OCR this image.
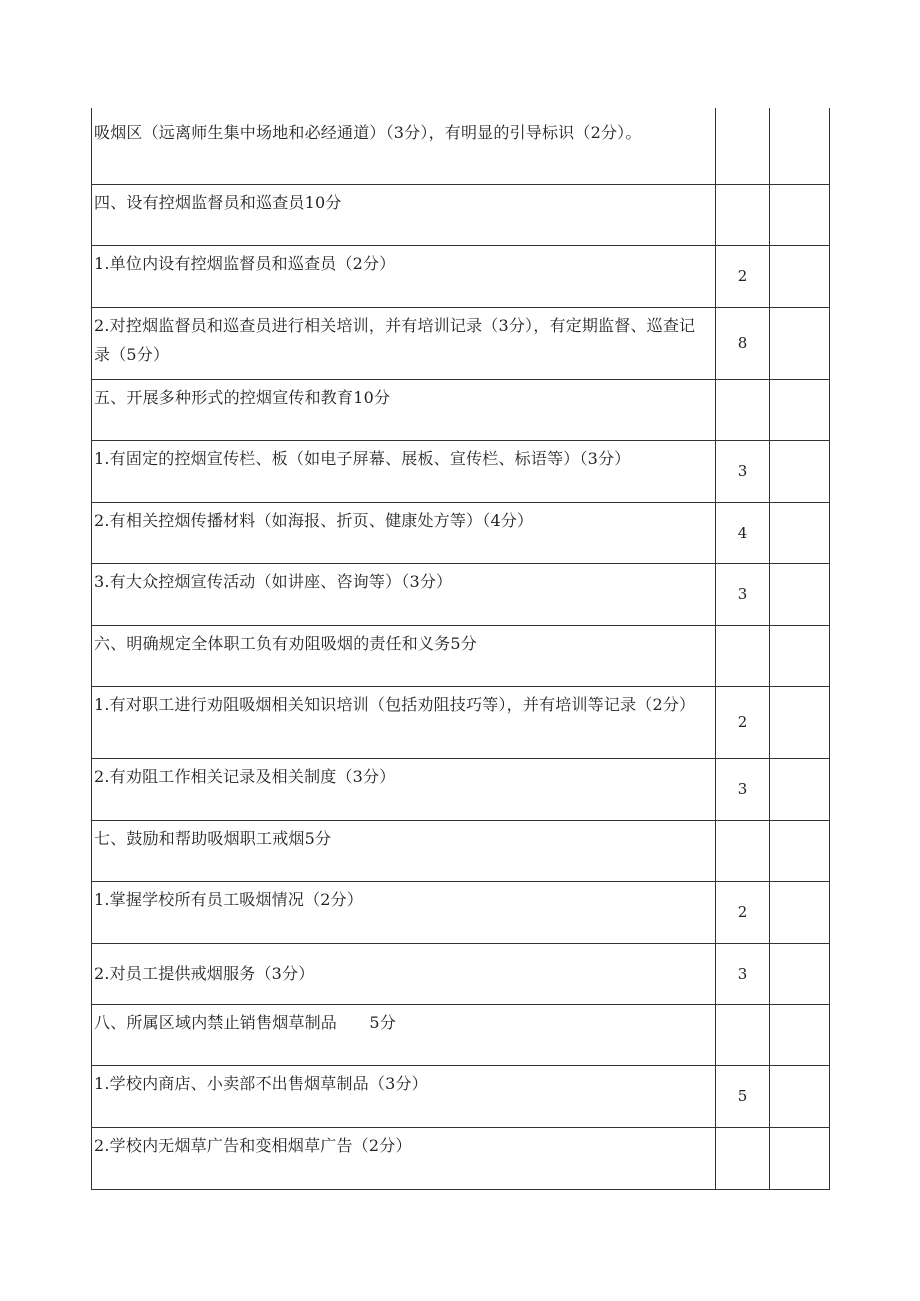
吸烟区（远离师生集中场地和必经通道）（3分），有明显的引导标识（2分）。		
四、设有控烟监督员和巡查员10分		
1.单位内设有控烟监督员和巡查员（2分）	2	
2.对控烟监督员和巡查员进行相关培训，并有培训记录（3分），有定期监督、巡查记录（5分）	8	
五、开展多种形式的控烟宣传和教育10分		
1.有固定的控烟宣传栏、板（如电子屏幕、展板、宣传栏、标语等）（3分）	3	
2.有相关控烟传播材料（如海报、折页、健康处方等）（4分）	4	
3.有大众控烟宣传活动（如讲座、咨询等）（3分）	3	
六、明确规定全体职工负有劝阻吸烟的责任和义务5分		
1.有对职工进行劝阻吸烟相关知识培训（包括劝阻技巧等），并有培训等记录（2分）	2	
2.有劝阻工作相关记录及相关制度（3分）	3	
七、鼓励和帮助吸烟职工戒烟5分		
1.掌握学校所有员工吸烟情况（2分）	2	
2.对员工提供戒烟服务（3分）	3	
八、所属区域内禁止销售烟草制品　　5分		
1.学校内商店、小卖部不出售烟草制品（3分）	5	
2.学校内无烟草广告和变相烟草广告（2分）		
